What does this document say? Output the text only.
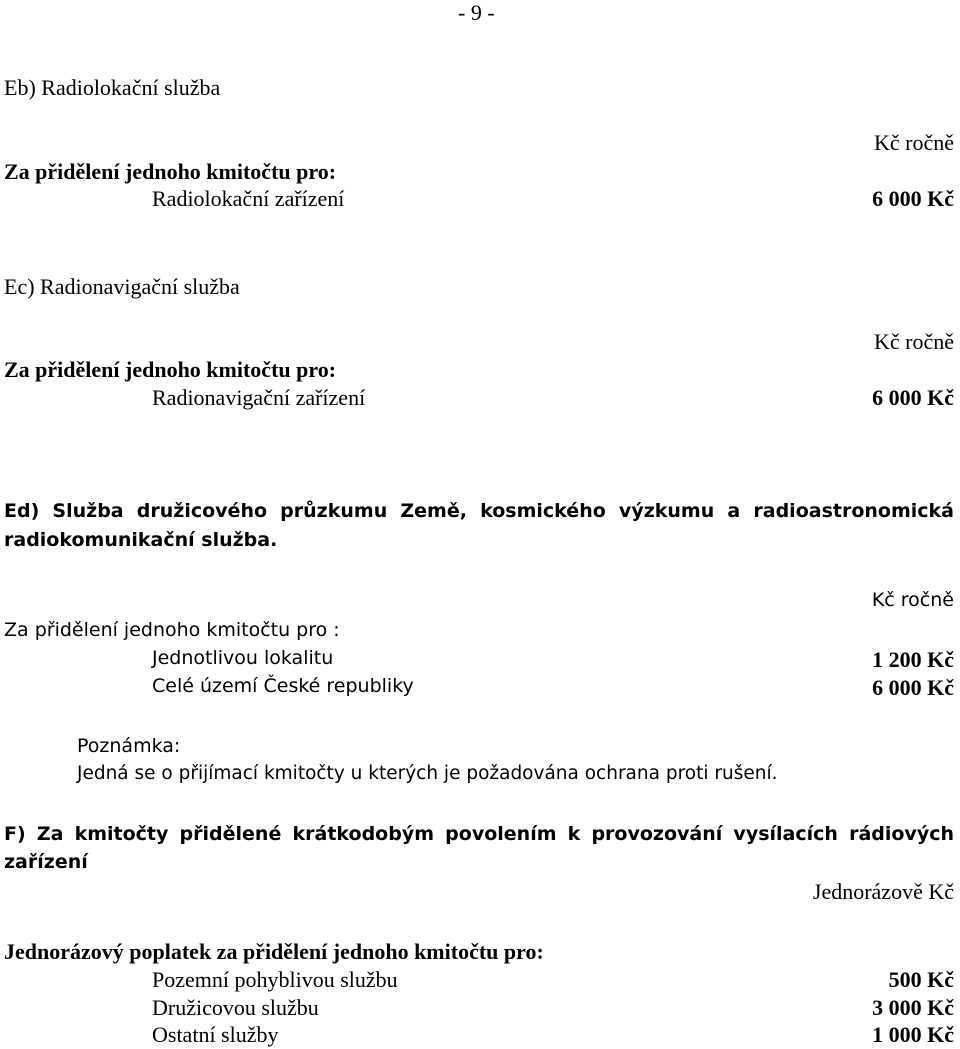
- 9 -
Eb) Radiolokační služba
Kč ročně
Za přidělení jednoho kmitočtu pro:
Radiolokační zařízení	6 000 Kč
Ec) Radionavigační služba
Kč ročně
Za přidělení jednoho kmitočtu pro:
Radionavigační zařízení	6 000 Kč
Ed) Služba družicového průzkumu Země, kosmického výzkumu a radioastronomická
radiokomunikační služba.
Kč ročně
Za přidělení jednoho kmitočtu pro :
Jednotlivou lokalitu	1 200 Kč
Celé území České republiky	6 000 Kč
Poznámka:
Jedná se o přijímací kmitočty u kterých je požadována ochrana proti rušení.
F) Za kmitočty přidělené krátkodobým povolením k provozování vysílacích rádiových
zařízení
Jednorázově Kč
Jednorázový poplatek za přidělení jednoho kmitočtu pro:
Pozemní pohyblivou službu	500 Kč
Družicovou službu	3 000 Kč
Ostatní služby	1 000 Kč
